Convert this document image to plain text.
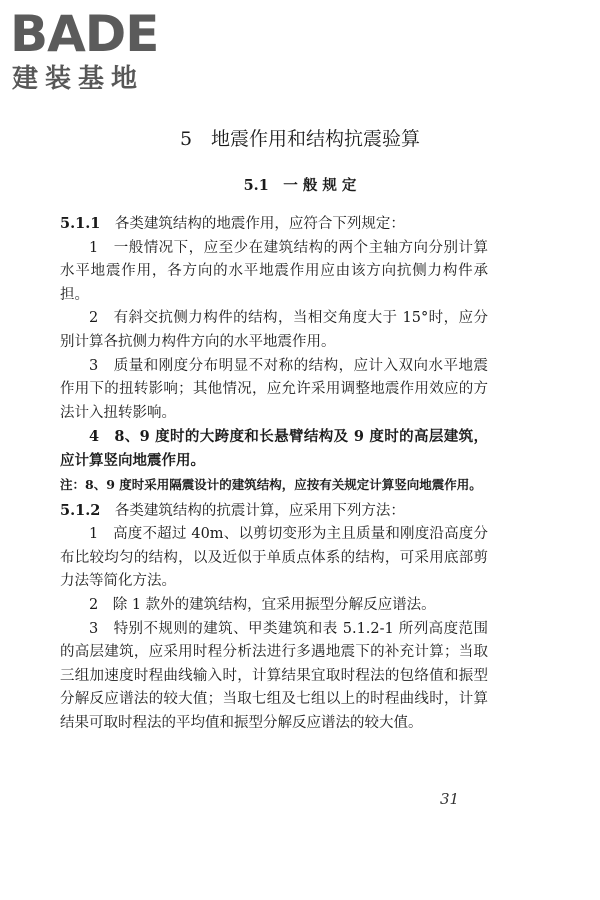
BADE
建装基地
5　地震作用和结构抗震验算
5.1　一 般 规 定

5.1.1　 各类建筑结构的地震作用，应符合下列规定：

1　一般情况下，应至少在建筑结构的两个主轴方向分别计算水平地震作用，各方向的水平地震作用应由该方向抗侧力构件承担。

2　有斜交抗侧力构件的结构，当相交角度大于 15°时，应分别计算各抗侧力构件方向的水平地震作用。

3　质量和刚度分布明显不对称的结构，应计入双向水平地震作用下的扭转影响；其他情况，应允许采用调整地震作用效应的方法计入扭转影响。

4　8、9 度时的大跨度和长悬臂结构及 9 度时的高层建筑，应计算竖向地震作用。

注：8、9 度时采用隔震设计的建筑结构，应按有关规定计算竖向地震作用。

5.1.2　 各类建筑结构的抗震计算，应采用下列方法：

1　高度不超过 40m、以剪切变形为主且质量和刚度沿高度分布比较均匀的结构，以及近似于单质点体系的结构，可采用底部剪力法等简化方法。

2　除 1 款外的建筑结构，宜采用振型分解反应谱法。

3　特别不规则的建筑、甲类建筑和表 5.1.2-1 所列高度范围的高层建筑，应采用时程分析法进行多遇地震下的补充计算；当取三组加速度时程曲线输入时，计算结果宜取时程法的包络值和振型分解反应谱法的较大值；当取七组及七组以上的时程曲线时，计算结果可取时程法的平均值和振型分解反应谱法的较大值。

31
